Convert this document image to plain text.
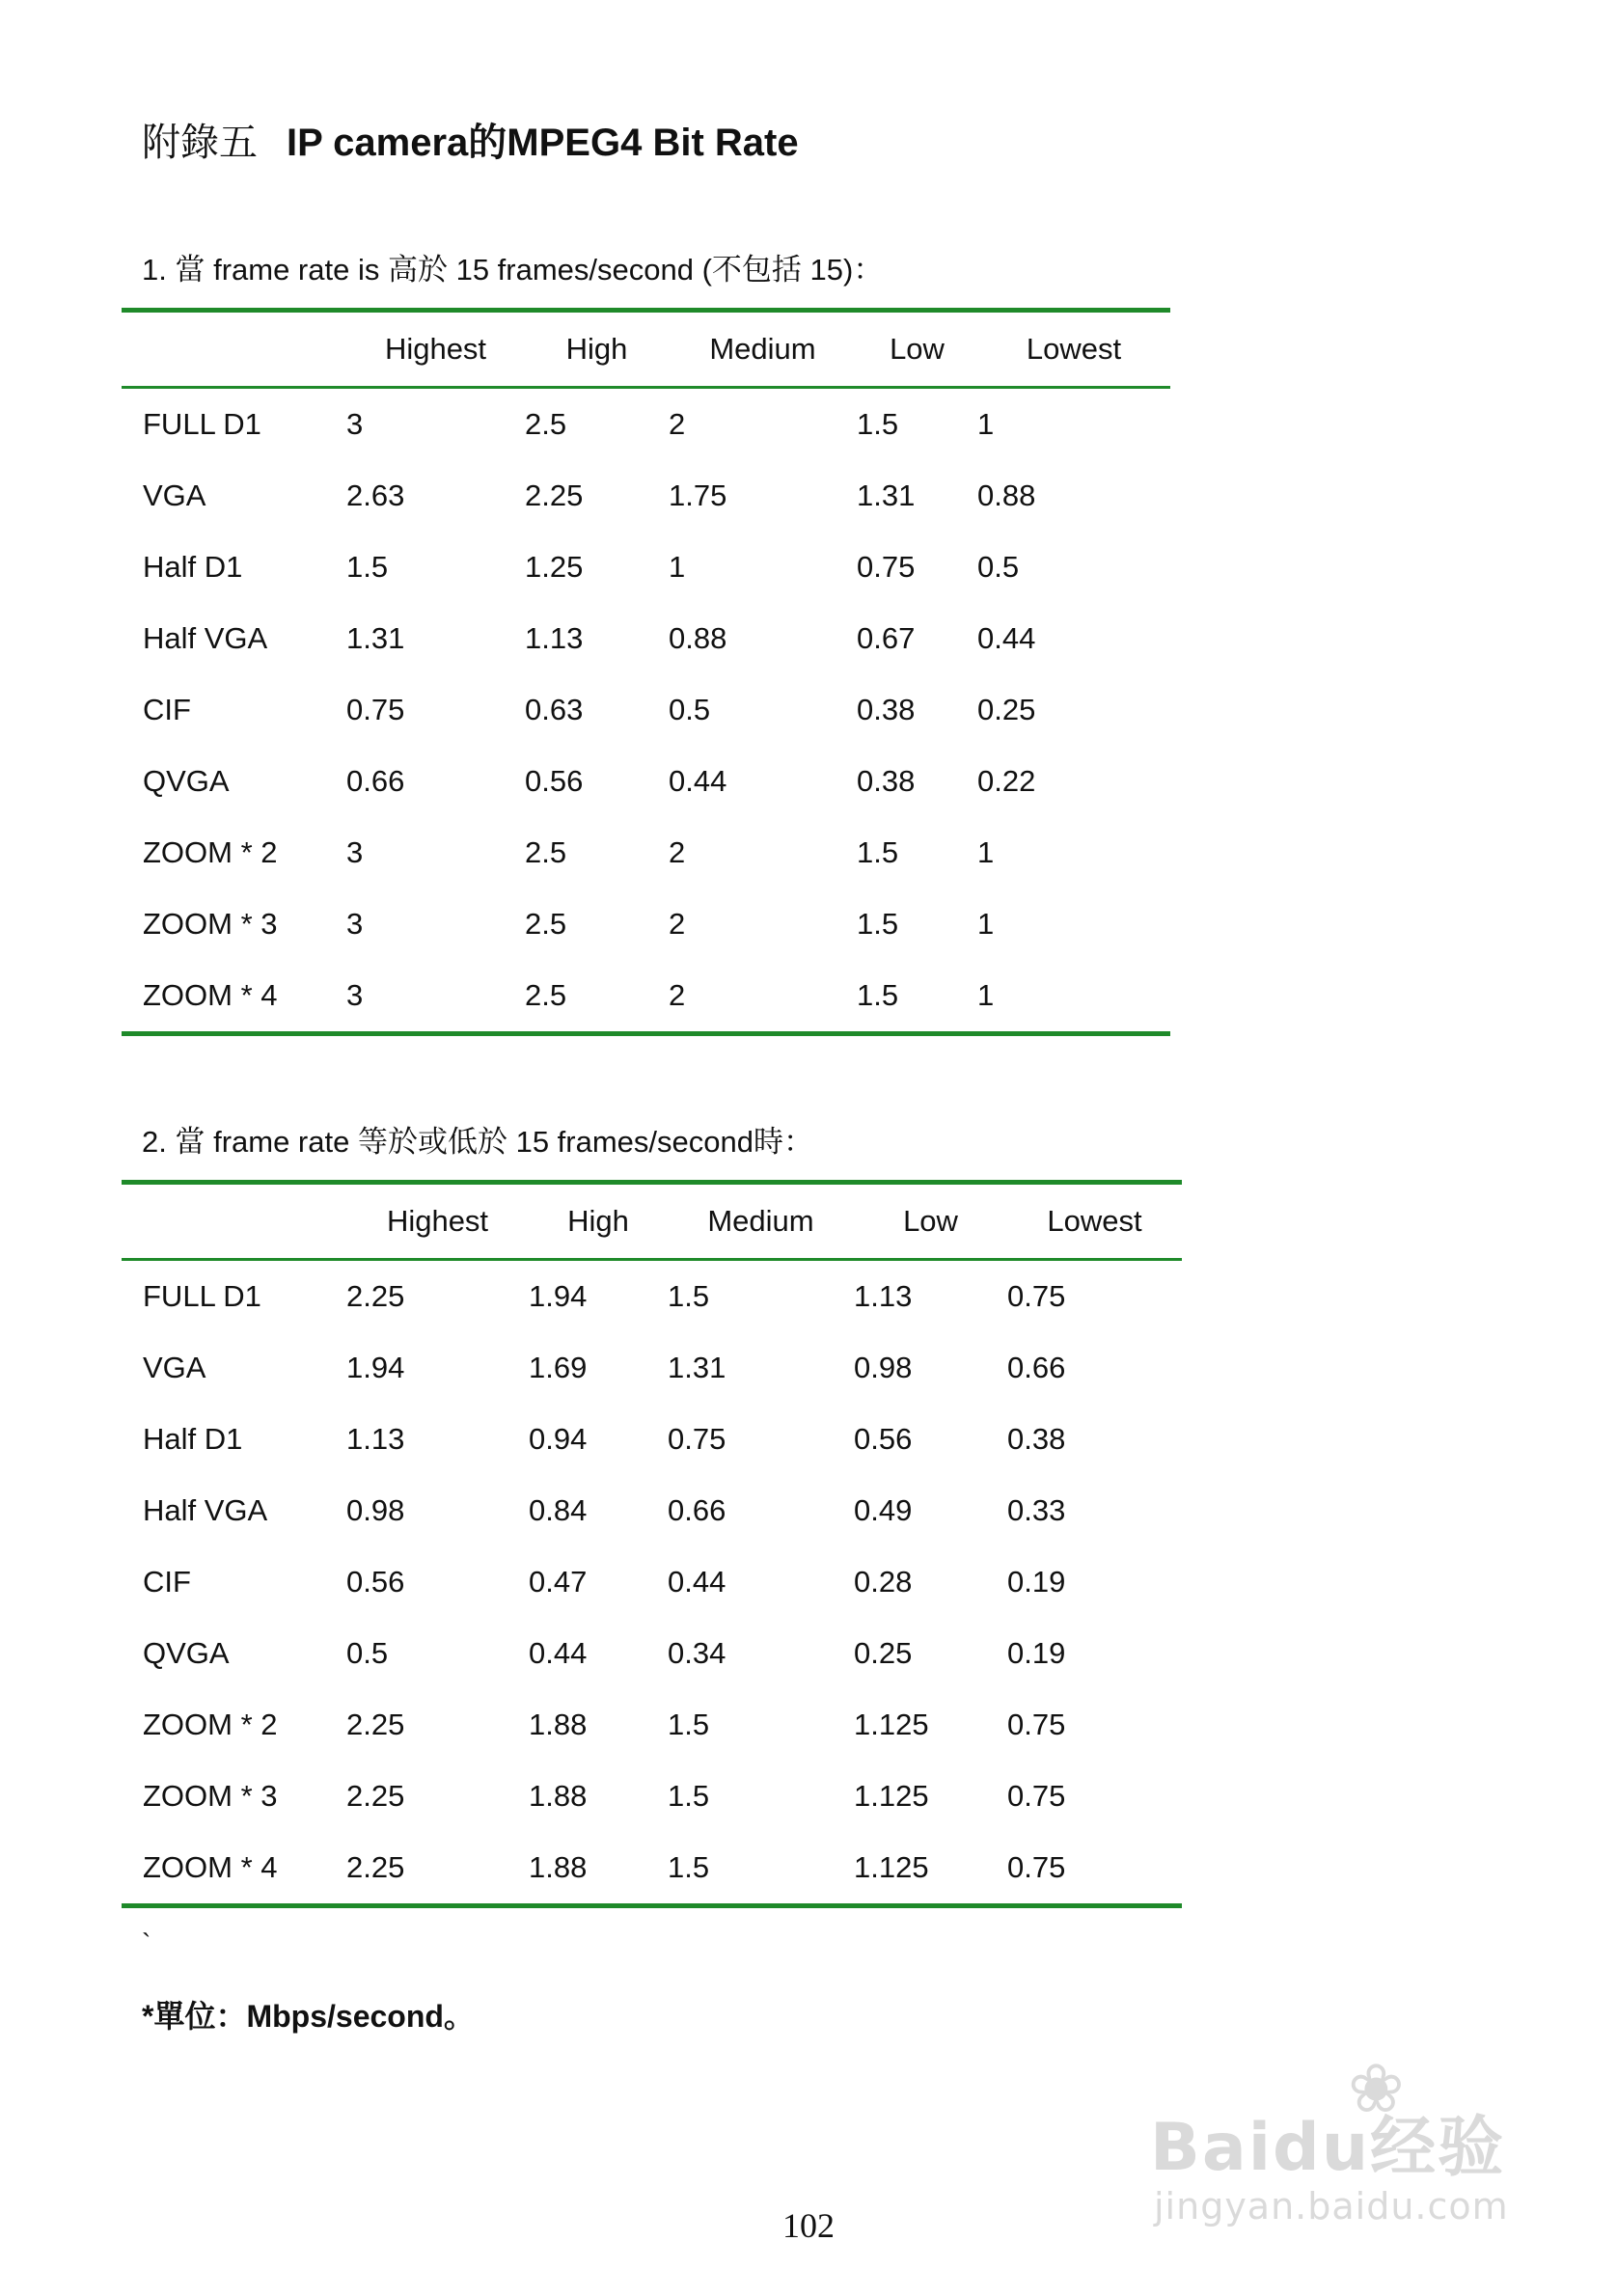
附錄五 IP camera的MPEG4 Bit Rate
1. 當 frame rate is 高於 15 frames/second (不包括 15)：
	Highest	High	Medium	Low	Lowest
FULL D1	3	2.5	2	1.5	1
VGA	2.63	2.25	1.75	1.31	0.88
Half D1	1.5	1.25	1	0.75	0.5
Half VGA	1.31	1.13	0.88	0.67	0.44
CIF	0.75	0.63	0.5	0.38	0.25
QVGA	0.66	0.56	0.44	0.38	0.22
ZOOM * 2	3	2.5	2	1.5	1
ZOOM * 3	3	2.5	2	1.5	1
ZOOM * 4	3	2.5	2	1.5	1
2. 當 frame rate 等於或低於 15 frames/second時：
	Highest	High	Medium	Low	Lowest
FULL D1	2.25	1.94	1.5	1.13	0.75
VGA	1.94	1.69	1.31	0.98	0.66
Half D1	1.13	0.94	0.75	0.56	0.38
Half VGA	0.98	0.84	0.66	0.49	0.33
CIF	0.56	0.47	0.44	0.28	0.19
QVGA	0.5	0.44	0.34	0.25	0.19
ZOOM * 2	2.25	1.88	1.5	1.125	0.75
ZOOM * 3	2.25	1.88	1.5	1.125	0.75
ZOOM * 4	2.25	1.88	1.5	1.125	0.75
`
*單位：Mbps/second。
102
❀
Baidu经验
jingyan.baidu.com
